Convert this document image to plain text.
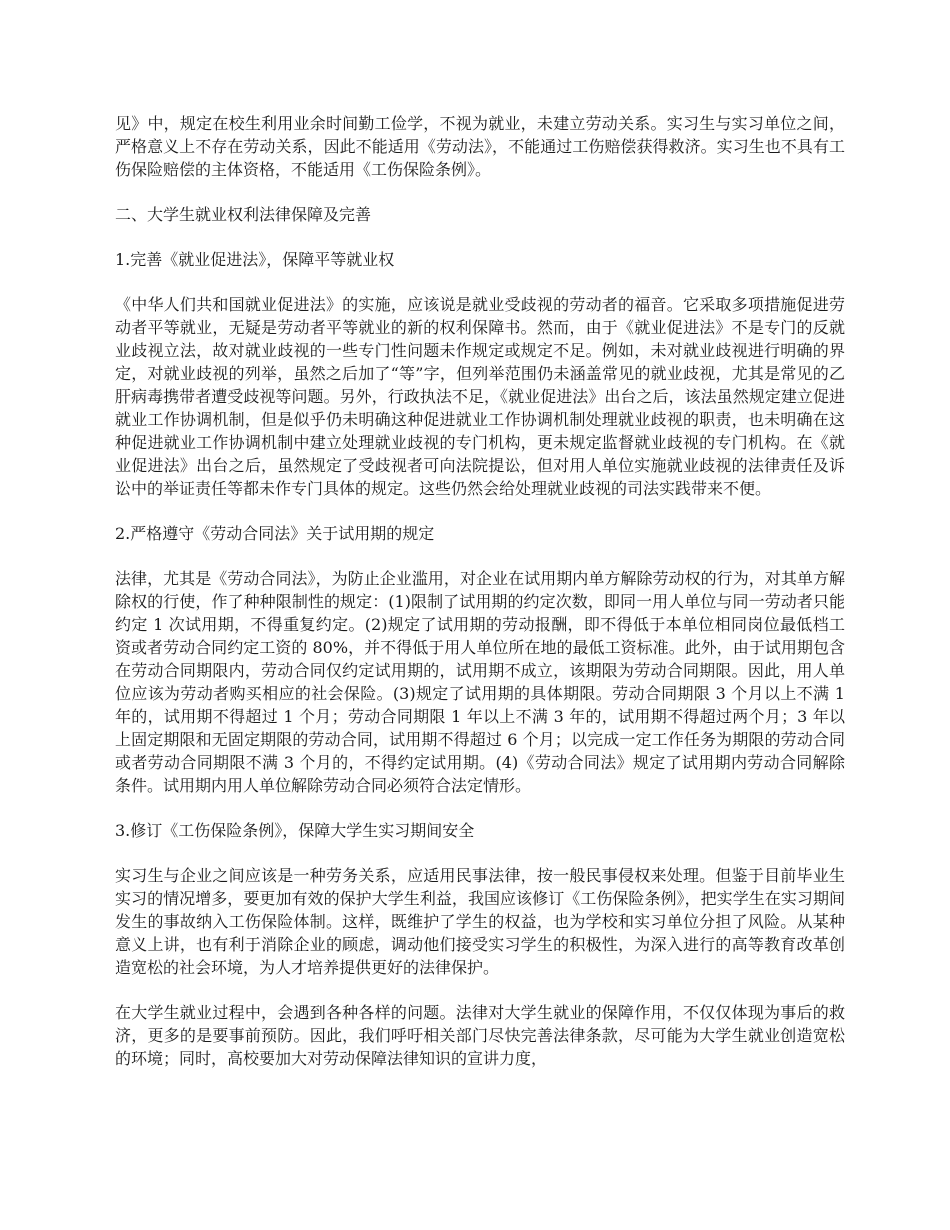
见》中，规定在校生利用业余时间勤工俭学，不视为就业，未建立劳动关系。实习生与实习单位之间，严格意义上不存在劳动关系，因此不能适用《劳动法》，不能通过工伤赔偿获得救济。实习生也不具有工伤保险赔偿的主体资格，不能适用《工伤保险条例》。

二、大学生就业权利法律保障及完善

1.完善《就业促进法》，保障平等就业权

《中华人们共和国就业促进法》的实施，应该说是就业受歧视的劳动者的福音。它采取多项措施促进劳动者平等就业，无疑是劳动者平等就业的新的权利保障书。然而，由于《就业促进法》不是专门的反就业歧视立法，故对就业歧视的一些专门性问题未作规定或规定不足。例如，未对就业歧视进行明确的界定，对就业歧视的列举，虽然之后加了“等”字，但列举范围仍未涵盖常见的就业歧视，尤其是常见的乙肝病毒携带者遭受歧视等问题。另外，行政执法不足，《就业促进法》出台之后，该法虽然规定建立促进就业工作协调机制，但是似乎仍未明确这种促进就业工作协调机制处理就业歧视的职责，也未明确在这种促进就业工作协调机制中建立处理就业歧视的专门机构，更未规定监督就业歧视的专门机构。在《就业促进法》出台之后，虽然规定了受歧视者可向法院提讼，但对用人单位实施就业歧视的法律责任及诉讼中的举证责任等都未作专门具体的规定。这些仍然会给处理就业歧视的司法实践带来不便。

2.严格遵守《劳动合同法》关于试用期的规定

法律，尤其是《劳动合同法》，为防止企业滥用，对企业在试用期内单方解除劳动权的行为，对其单方解除权的行使，作了种种限制性的规定：(1)限制了试用期的约定次数，即同一用人单位与同一劳动者只能约定 1 次试用期，不得重复约定。(2)规定了试用期的劳动报酬，即不得低于本单位相同岗位最低档工资或者劳动合同约定工资的 80%，并不得低于用人单位所在地的最低工资标准。此外，由于试用期包含在劳动合同期限内，劳动合同仅约定试用期的，试用期不成立，该期限为劳动合同期限。因此，用人单位应该为劳动者购买相应的社会保险。(3)规定了试用期的具体期限。劳动合同期限 3 个月以上不满 1 年的，试用期不得超过 1 个月；劳动合同期限 1 年以上不满 3 年的，试用期不得超过两个月；3 年以上固定期限和无固定期限的劳动合同，试用期不得超过 6 个月；以完成一定工作任务为期限的劳动合同或者劳动合同期限不满 3 个月的，不得约定试用期。(4)《劳动合同法》规定了试用期内劳动合同解除条件。试用期内用人单位解除劳动合同必须符合法定情形。

3.修订《工伤保险条例》，保障大学生实习期间安全

实习生与企业之间应该是一种劳务关系，应适用民事法律，按一般民事侵权来处理。但鉴于目前毕业生实习的情况增多，要更加有效的保护大学生利益，我国应该修订《工伤保险条例》，把实学生在实习期间发生的事故纳入工伤保险体制。这样，既维护了学生的权益，也为学校和实习单位分担了风险。从某种意义上讲，也有利于消除企业的顾虑，调动他们接受实习学生的积极性，为深入进行的高等教育改革创造宽松的社会环境，为人才培养提供更好的法律保护。

在大学生就业过程中，会遇到各种各样的问题。法律对大学生就业的保障作用，不仅仅体现为事后的救济，更多的是要事前预防。因此，我们呼吁相关部门尽快完善法律条款，尽可能为大学生就业创造宽松的环境；同时，高校要加大对劳动保障法律知识的宣讲力度，
